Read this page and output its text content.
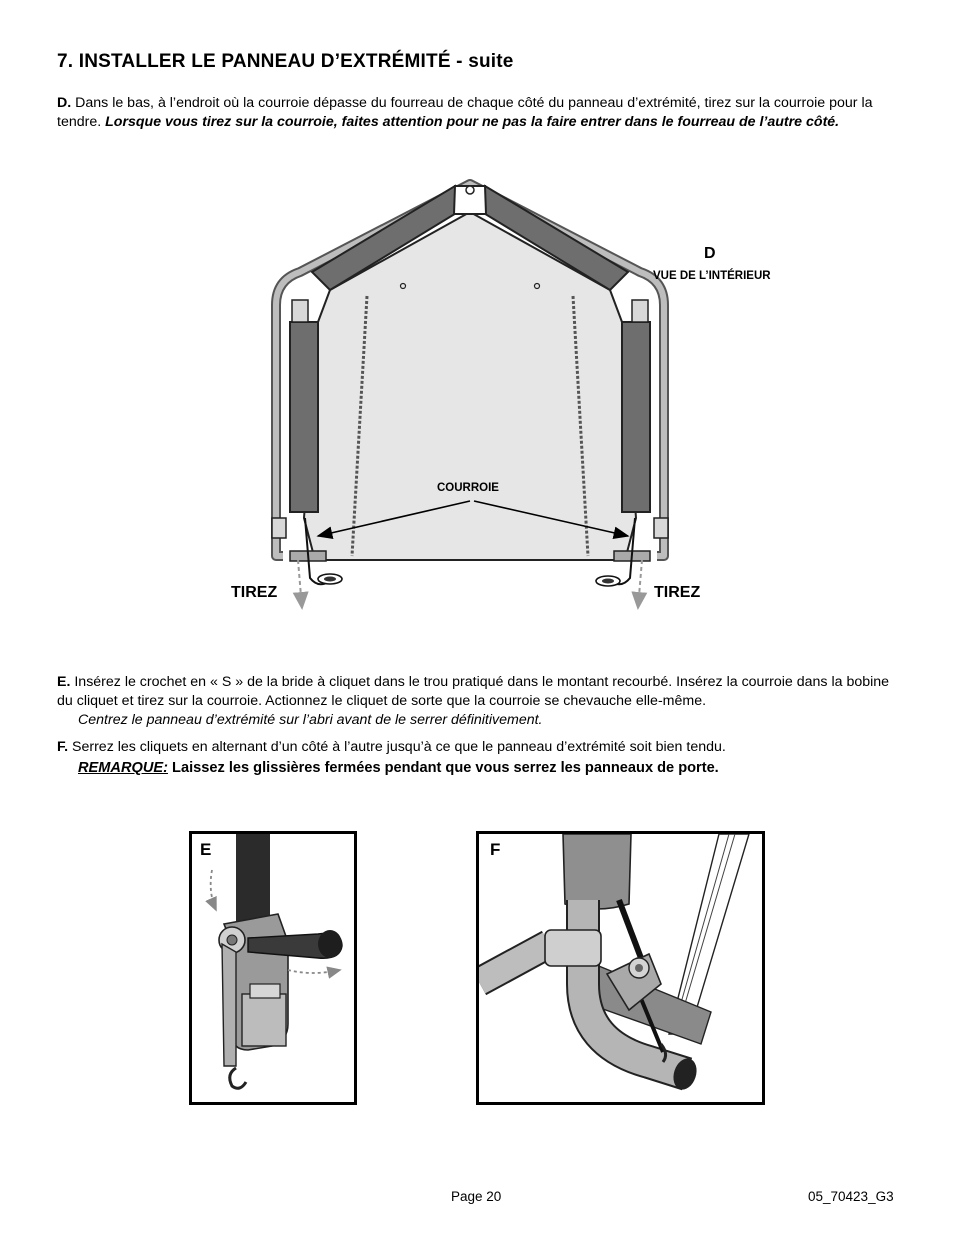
7. INSTALLER LE PANNEAU D’EXTRÉMITÉ - suite
D. Dans le bas, à l’endroit où la courroie dépasse du fourreau de chaque côté du panneau d’extrémité, tirez sur la courroie pour la tendre. Lorsque vous tirez sur la courroie, faites attention pour ne pas la faire entrer dans le fourreau de l’autre côté.
D
VUE DE L’INTÉRIEUR
COURROIE
TIREZ	TIREZ
E. Insérez le crochet en « S » de la bride à cliquet dans le trou pratiqué dans le montant recourbé. Insérez la courroie dans la bobine du cliquet et tirez sur la courroie. Actionnez le cliquet de sorte que la courroie se chevauche elle-même.
Centrez le panneau d’extrémité sur l’abri avant de le serrer définitivement.
F. Serrez les cliquets en alternant d’un côté à l’autre jusqu’à ce que le panneau d’extrémité soit bien tendu.
REMARQUE: Laissez les glissières fermées pendant que vous serrez les panneaux de porte.
E	F
Page 20	05_70423_G3
